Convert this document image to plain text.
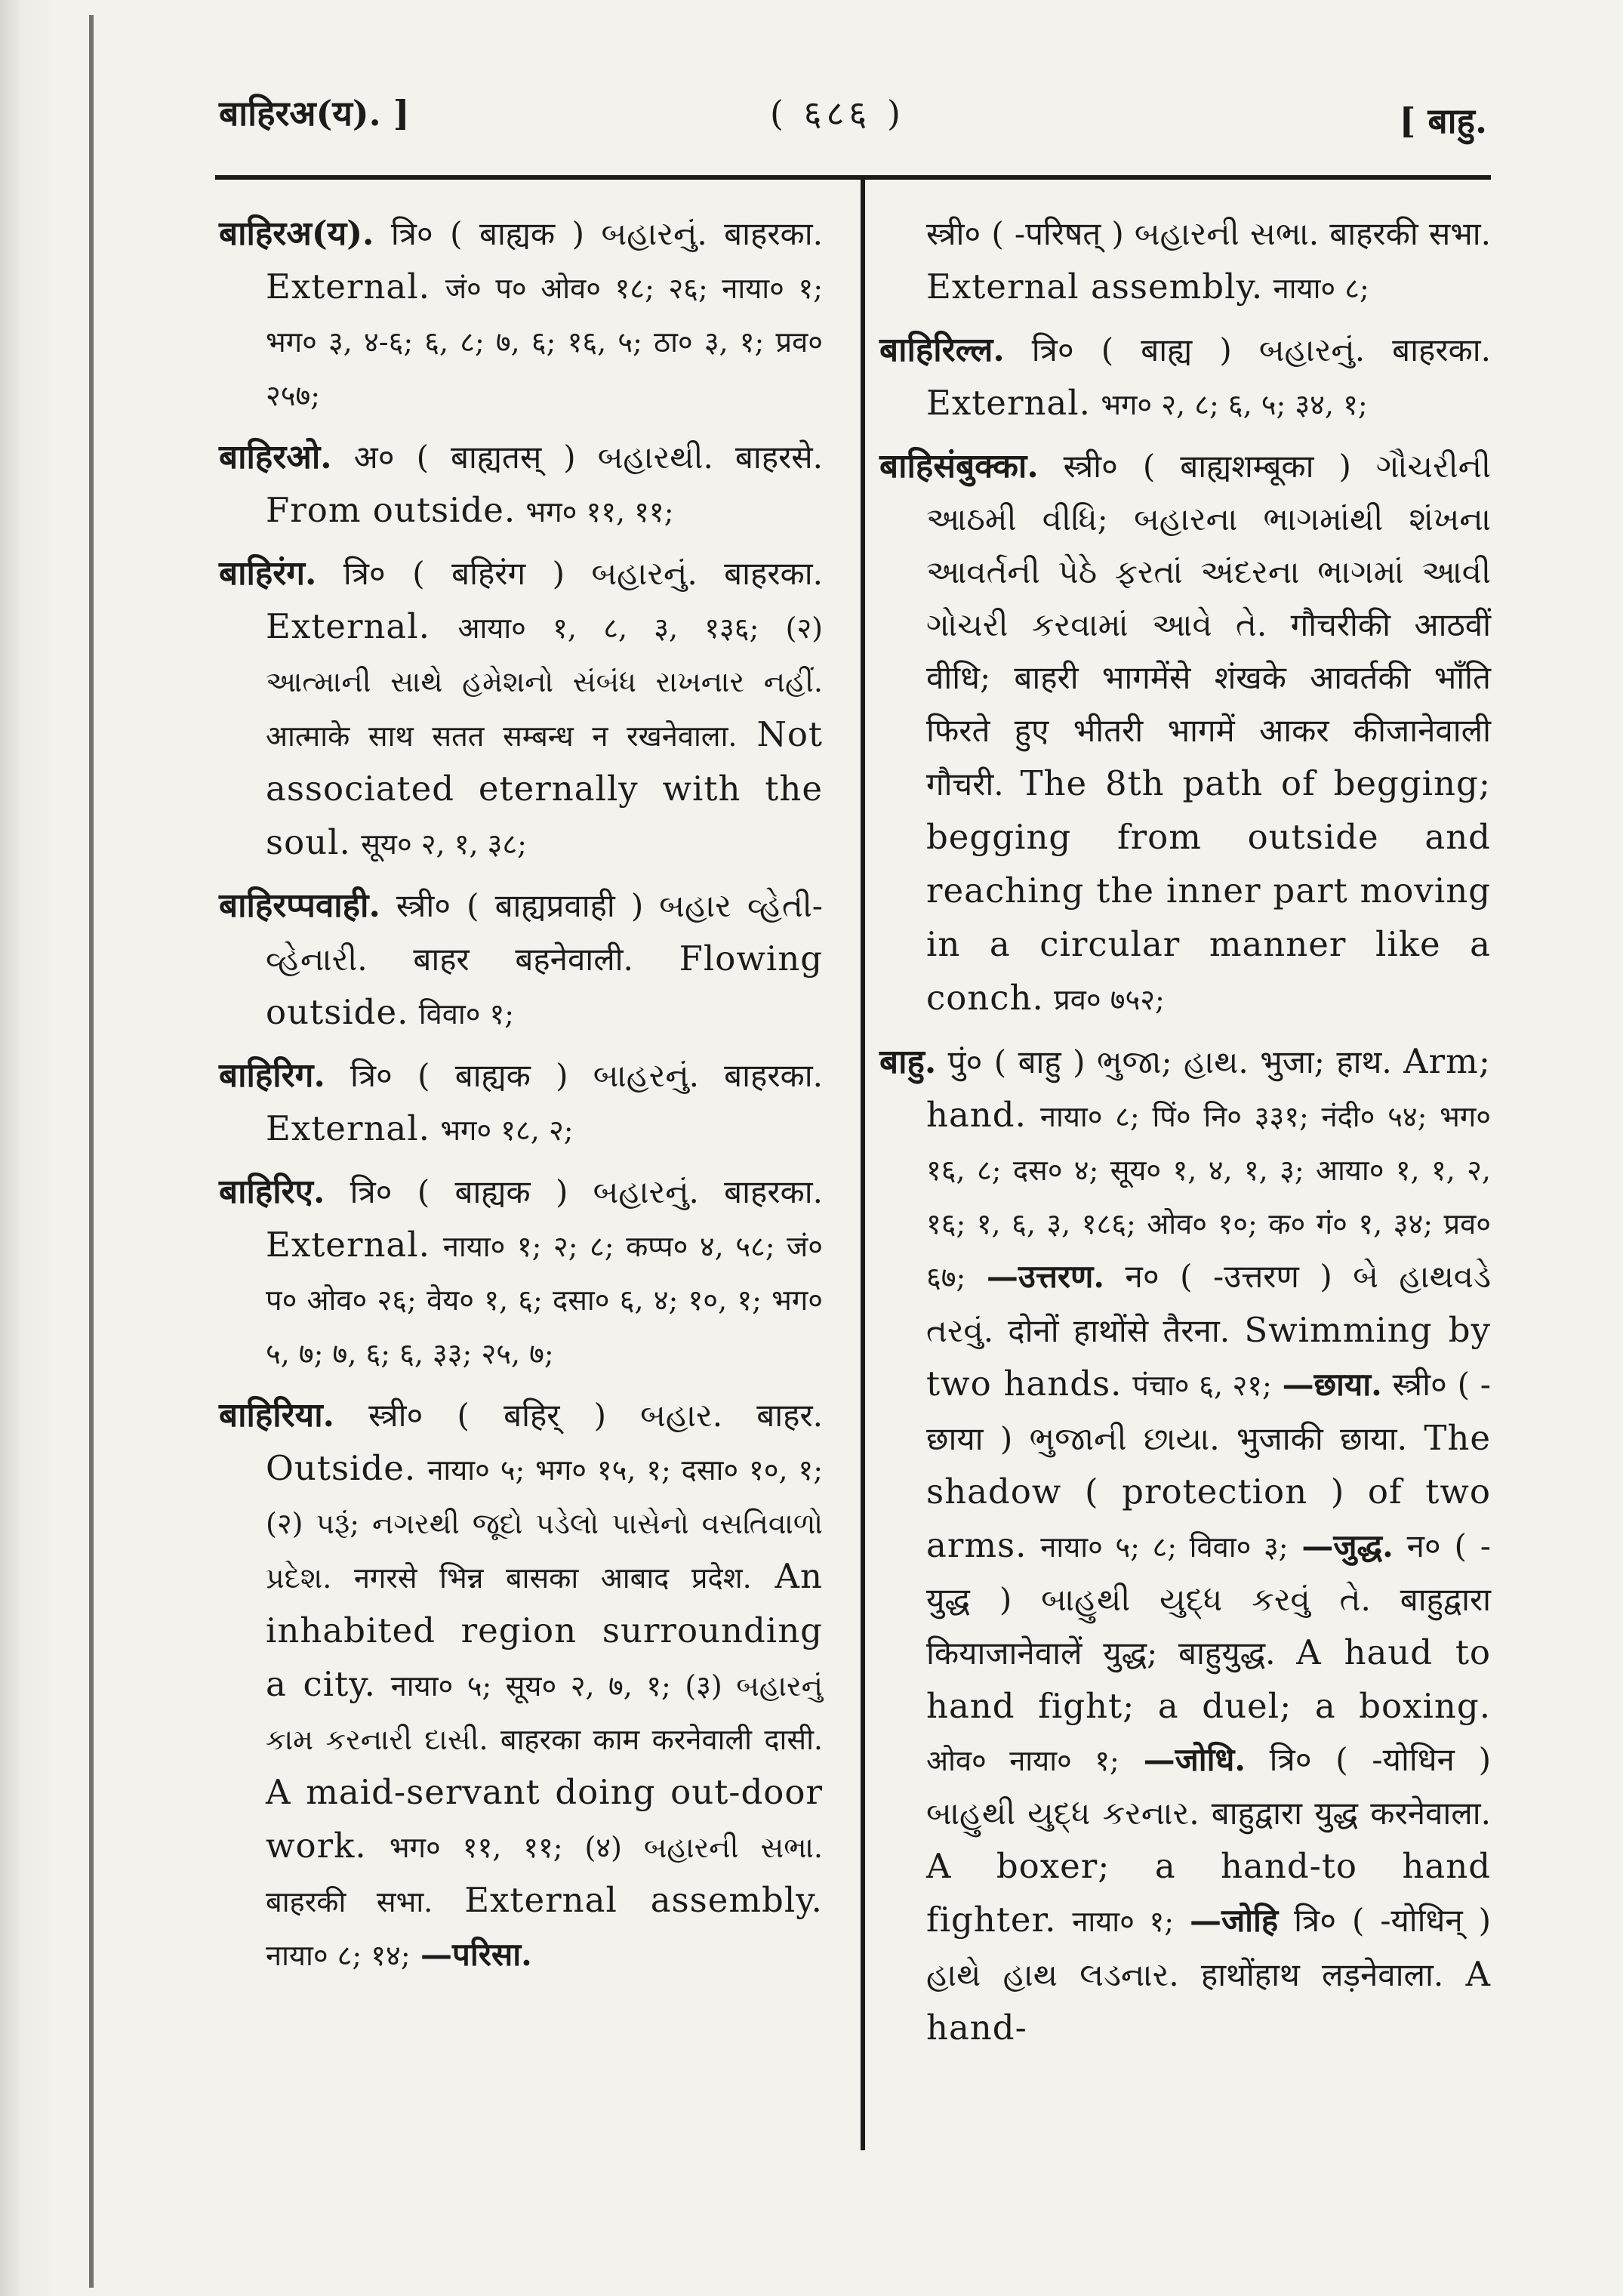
बाहिरअ(य). ]	( ६८६ )	[ बाहु.

बाहिरअ(य). त्रि० ( बाह्यक ) બહારનું. बाहरका. External. जं० प० ओव० १८; २६; नाया० १; भग० ३, ४-६; ६, ८; ७, ६; १६, ५; ठा० ३, १; प्रव० २५७;

बाहिरओ. अ० ( बाह्यतस् ) બહારથી. बाहरसे. From outside. भग० ११, ११;

बाहिरंग. त्रि० ( बहिरंग ) બહારનું. बाहरका. External. आया० १, ८, ३, १३६; (२) આત્માની સાથે હમેશનો સંબંધ રાખનાર નહીં. आत्माके साथ सतत सम्बन्ध न रखनेवाला. Not associated eternally with the soul. सूय० २, १, ३८;

बाहिरप्पवाही. स्त्री० ( बाह्यप्रवाही ) બહાર વ્હેતી-વ્હેનારી. बाहर बहनेवाली. Flowing outside. विवा० १;

बाहिरिग. त्रि० ( बाह्यक ) બાહરનું. बाहरका. External. भग० १८, २;

बाहिरिए. त्रि० ( बाह्यक ) બહારનું. बाहरका. External. नाया० १; २; ८; कप्प० ४, ५८; जं० प० ओव० २६; वेय० १, ६; दसा० ६, ४; १०, १; भग० ५, ७; ७, ६; ६, ३३; २५, ७;

बाहिरिया. स्त्री० ( बहिर् ) બહાર. बाहर. Outside. नाया० ५; भग० १५, १; दसा० १०, १; (२) પરૂં; નગરથી જૂદો પડેલો પાસેનો વસતિવાળો પ્રદેશ. नगरसे भिन्न बासका आबाद प्रदेश. An inhabited region surrounding a city. नाया० ५; सूय० २, ७, १; (३) બહારનું કામ કરનારી દાસી. बाहरका काम करनेवाली दासी. A maid-servant doing out-door work. भग० ११, ११; (४) બહારની સભા. बाहरकी सभा. External assembly. नाया० ८; १४; —परिसा.

स्त्री० ( -परिषत् ) બહારની સભા. बाहरकी सभा. External assembly. नाया० ८;

बाहिरिल्ल. त्रि० ( बाह्य ) બહારનું. बाहरका. External. भग० २, ८; ६, ५; ३४, १;

बाहिसंबुक्का. स्त्री० ( बाह्यशम्बूका ) ગૌચરીની આઠમી વીધિ; બહારના ભાગમાંથી શંખના આવર્તની પેઠે ફરતાં અંદરના ભાગમાં આવી ગોચરી કરવામાં આવે તે. गौचरीकी आठवीं वीधि; बाहरी भागमेंसे शंखके आवर्तकी भाँति फिरते हुए भीतरी भागमें आकर कीजानेवाली गौचरी. The 8th path of begging; begging from outside and reaching the inner part moving in a circular manner like a conch. प्रव० ७५२;

बाहु. पुं० ( बाहु ) ભુજા; હાથ. भुजा; हाथ. Arm; hand. नाया० ८; पिं० नि० ३३१; नंदी० ५४; भग० १६, ८; दस० ४; सूय० १, ४, १, ३; आया० १, १, २, १६; १, ६, ३, १८६; ओव० १०; क० गं० १, ३४; प्रव० ६७; —उत्तरण. न० ( -उत्तरण ) બે હાથવડે તરવું. दोनों हाथोंसे तैरना. Swimming by two hands. पंचा० ६, २१; —छाया. स्त्री० ( -छाया ) ભુજાની છાયા. भुजाकी छाया. The shadow ( protection ) of two arms. नाया० ५; ८; विवा० ३; —जुद्ध. न० ( -युद्ध ) બાહુથી યુદ્ધ કરવું તે. बाहुद्वारा कियाजानेवालें युद्ध; बाहुयुद्ध. A haud to hand fight; a duel; a boxing. ओव० नाया० १; —जोधि. त्रि० ( -योधिन ) બાહુથી યુદ્ધ કરનાર. बाहुद्वारा युद्ध करनेवाला. A boxer; a hand-to hand fighter. नाया० १; —जोहि त्रि० ( -योधिन् ) હાથે હાથ લડનાર. हाथोंहाथ लड़नेवाला. A hand-
